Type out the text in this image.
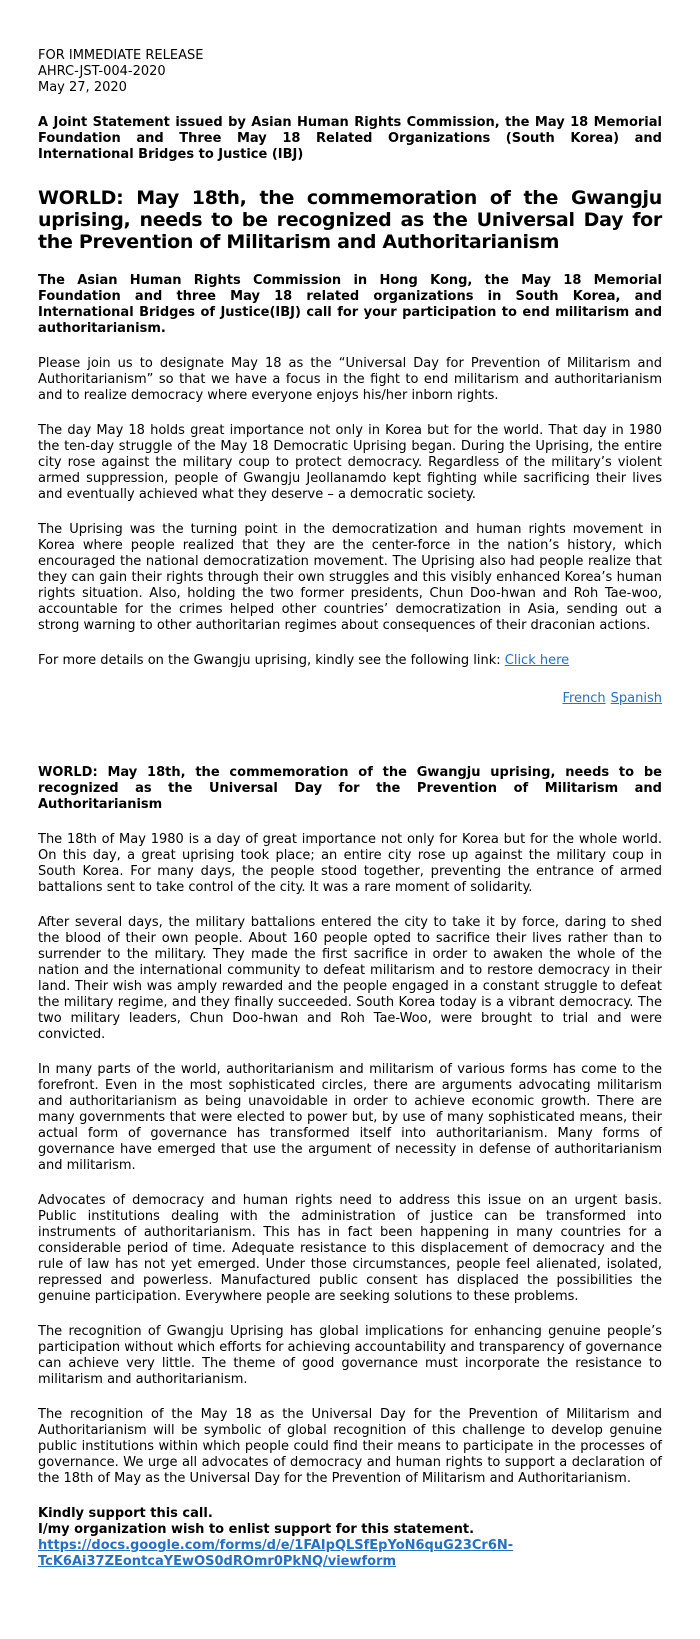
FOR IMMEDIATE RELEASE
AHRC-JST-004-2020
May 27, 2020
A Joint Statement issued by Asian Human Rights Commission, the May 18 Memorial Foundation and Three May 18 Related Organizations (South Korea) and International Bridges to Justice (IBJ)
WORLD: May 18th, the commemoration of the Gwangju uprising, needs to be recognized as the Universal Day for the Prevention of Militarism and Authoritarianism

The Asian Human Rights Commission in Hong Kong, the May 18 Memorial Foundation and three May 18 related organizations in South Korea, and International Bridges of Justice(IBJ) call for your participation to end militarism and authoritarianism.

Please join us to designate May 18 as the “Universal Day for Prevention of Militarism and Authoritarianism” so that we have a focus in the fight to end militarism and authoritarianism and to realize democracy where everyone enjoys his/her inborn rights.

The day May 18 holds great importance not only in Korea but for the world. That day in 1980 the ten-day struggle of the May 18 Democratic Uprising began. During the Uprising, the entire city rose against the military coup to protect democracy. Regardless of the military’s violent armed suppression, people of Gwangju Jeollanamdo kept fighting while sacrificing their lives and eventually achieved what they deserve – a democratic society.

The Uprising was the turning point in the democratization and human rights movement in Korea where people realized that they are the center-force in the nation’s history, which encouraged the national democratization movement. The Uprising also had people realize that they can gain their rights through their own struggles and this visibly enhanced Korea’s human rights situation. Also, holding the two former presidents, Chun Doo-hwan and Roh Tae-woo, accountable for the crimes helped other countries’ democratization in Asia, sending out a strong warning to other authoritarian regimes about consequences of their draconian actions.

For more details on the Gwangju uprising, kindly see the following link: Click here

French Spanish

WORLD: May 18th, the commemoration of the Gwangju uprising, needs to be recognized as the Universal Day for the Prevention of Militarism and Authoritarianism

The 18th of May 1980 is a day of great importance not only for Korea but for the whole world. On this day, a great uprising took place; an entire city rose up against the military coup in South Korea. For many days, the people stood together, preventing the entrance of armed battalions sent to take control of the city. It was a rare moment of solidarity.

After several days, the military battalions entered the city to take it by force, daring to shed the blood of their own people. About 160 people opted to sacrifice their lives rather than to surrender to the military. They made the first sacrifice in order to awaken the whole of the nation and the international community to defeat militarism and to restore democracy in their land. Their wish was amply rewarded and the people engaged in a constant struggle to defeat the military regime, and they finally succeeded. South Korea today is a vibrant democracy. The two military leaders, Chun Doo-hwan and Roh Tae-Woo, were brought to trial and were convicted.

In many parts of the world, authoritarianism and militarism of various forms has come to the forefront. Even in the most sophisticated circles, there are arguments advocating militarism and authoritarianism as being unavoidable in order to achieve economic growth. There are many governments that were elected to power but, by use of many sophisticated means, their actual form of governance has transformed itself into authoritarianism. Many forms of governance have emerged that use the argument of necessity in defense of authoritarianism and militarism.

Advocates of democracy and human rights need to address this issue on an urgent basis. Public institutions dealing with the administration of justice can be transformed into instruments of authoritarianism. This has in fact been happening in many countries for a considerable period of time. Adequate resistance to this displacement of democracy and the rule of law has not yet emerged. Under those circumstances, people feel alienated, isolated, repressed and powerless. Manufactured public consent has displaced the possibilities the genuine participation. Everywhere people are seeking solutions to these problems.

The recognition of Gwangju Uprising has global implications for enhancing genuine people’s participation without which efforts for achieving accountability and transparency of governance can achieve very little. The theme of good governance must incorporate the resistance to militarism and authoritarianism.

The recognition of the May 18 as the Universal Day for the Prevention of Militarism and Authoritarianism will be symbolic of global recognition of this challenge to develop genuine public institutions within which people could find their means to participate in the processes of governance. We urge all advocates of democracy and human rights to support a declaration of the 18th of May as the Universal Day for the Prevention of Militarism and Authoritarianism.

Kindly support this call.
I/my organization wish to enlist support for this statement.
https://docs.google.com/forms/d/e/1FAIpQLSfEpYoN6quG23Cr6N-TcK6Ai37ZEontcaYEwOS0dROmr0PkNQ/viewform
